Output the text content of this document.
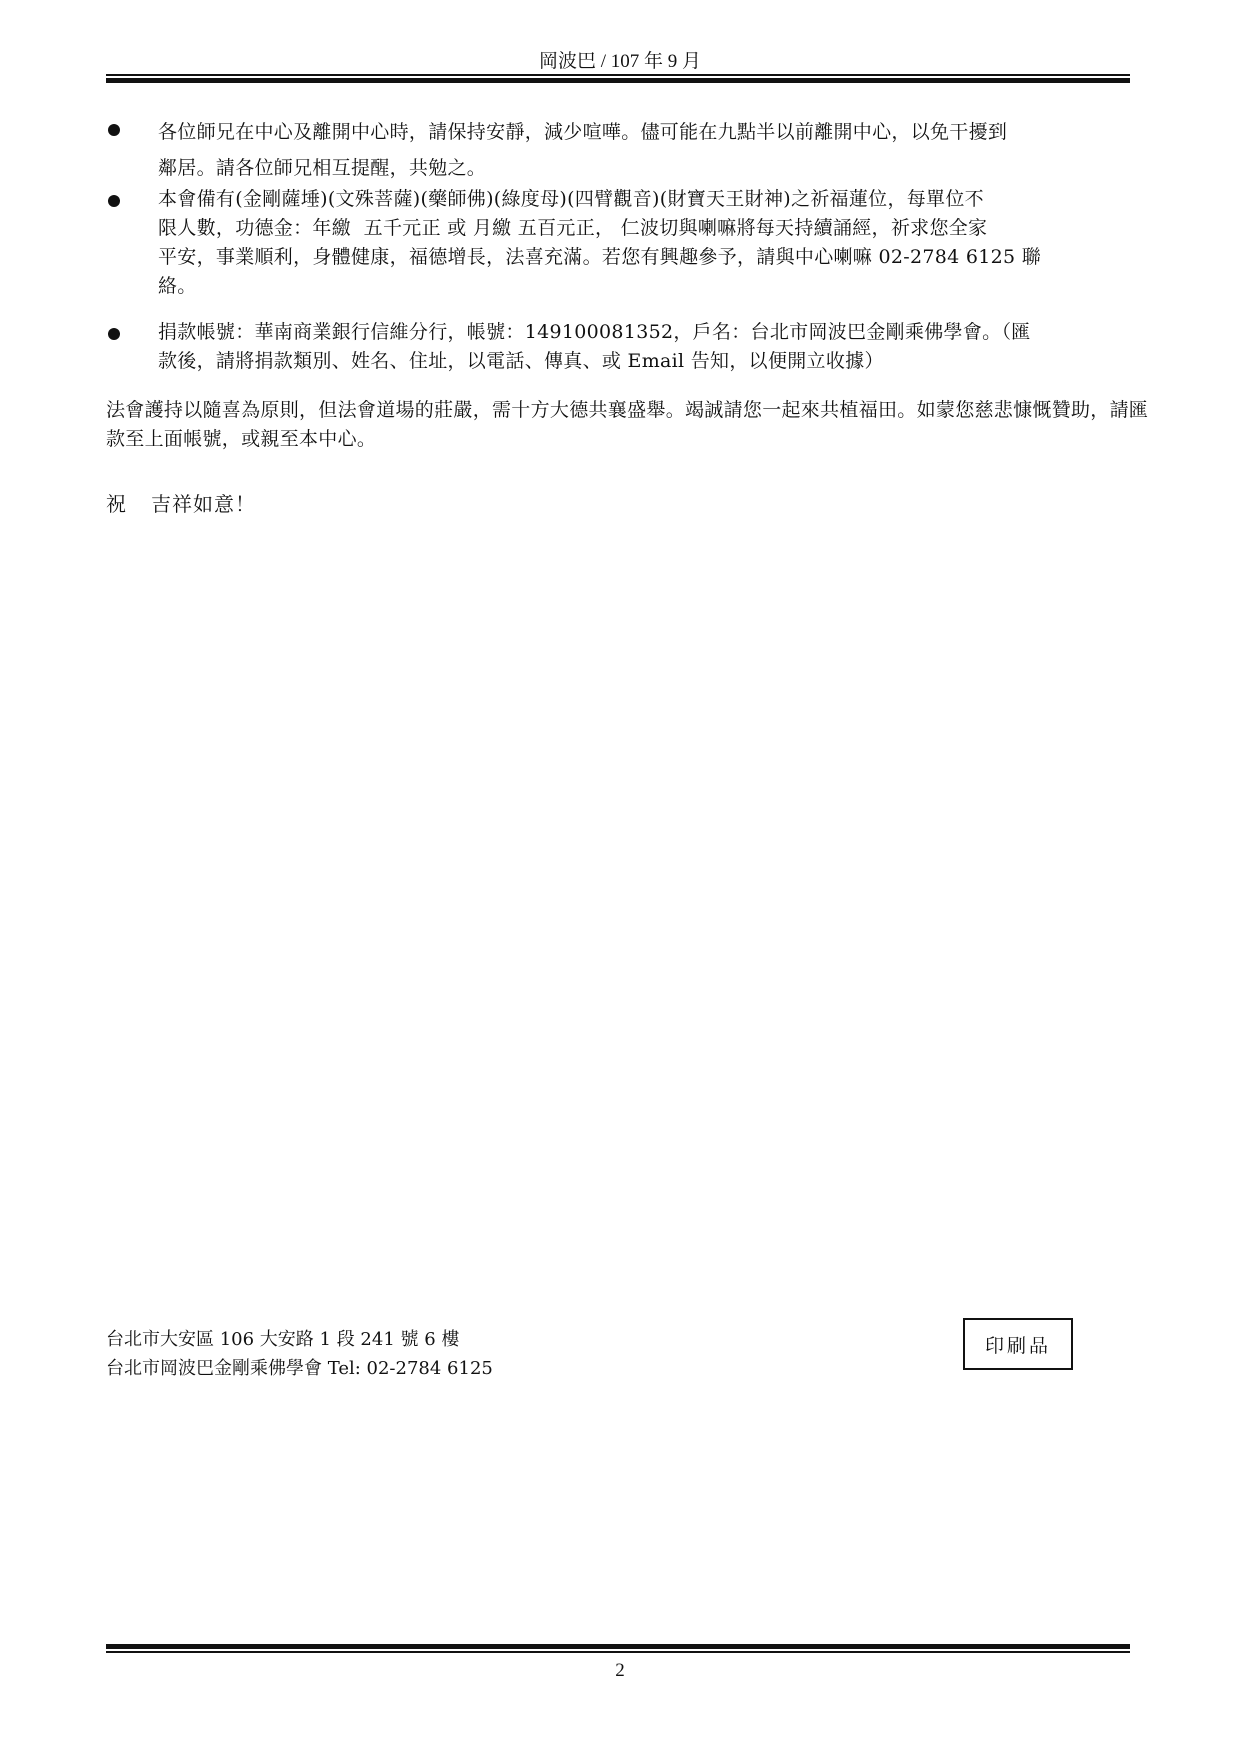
岡波巴 / 107 年 9 月
各位師兄在中心及離開中心時，請保持安靜，減少喧嘩。儘可能在九點半以前離開中心，以免干擾到
鄰居。請各位師兄相互提醒，共勉之。
本會備有(金剛薩埵)(文殊菩薩)(藥師佛)(綠度母)(四臂觀音)(財寶天王財神)之祈福蓮位，每單位不
限人數，功德金：年繳  五千元正 或 月繳 五百元正， 仁波切與喇嘛將每天持續誦經，祈求您全家
平安，事業順利，身體健康，福德增長，法喜充滿。若您有興趣參予，請與中心喇嘛 02-2784 6125 聯
絡。
捐款帳號：華南商業銀行信維分行，帳號：149100081352，戶名：台北市岡波巴金剛乘佛學會。（匯
款後，請將捐款類別、姓名、住址，以電話、傳真、或 Email 告知，以便開立收據）
法會護持以隨喜為原則，但法會道場的莊嚴，需十方大德共襄盛舉。竭誠請您一起來共植福田。如蒙您慈悲慷慨贊助，請匯款至上面帳號，或親至本中心。
祝 吉祥如意！
台北市大安區 106 大安路 1 段 241 號 6 樓
台北市岡波巴金剛乘佛學會 Tel: 02-2784 6125
印刷品
2
